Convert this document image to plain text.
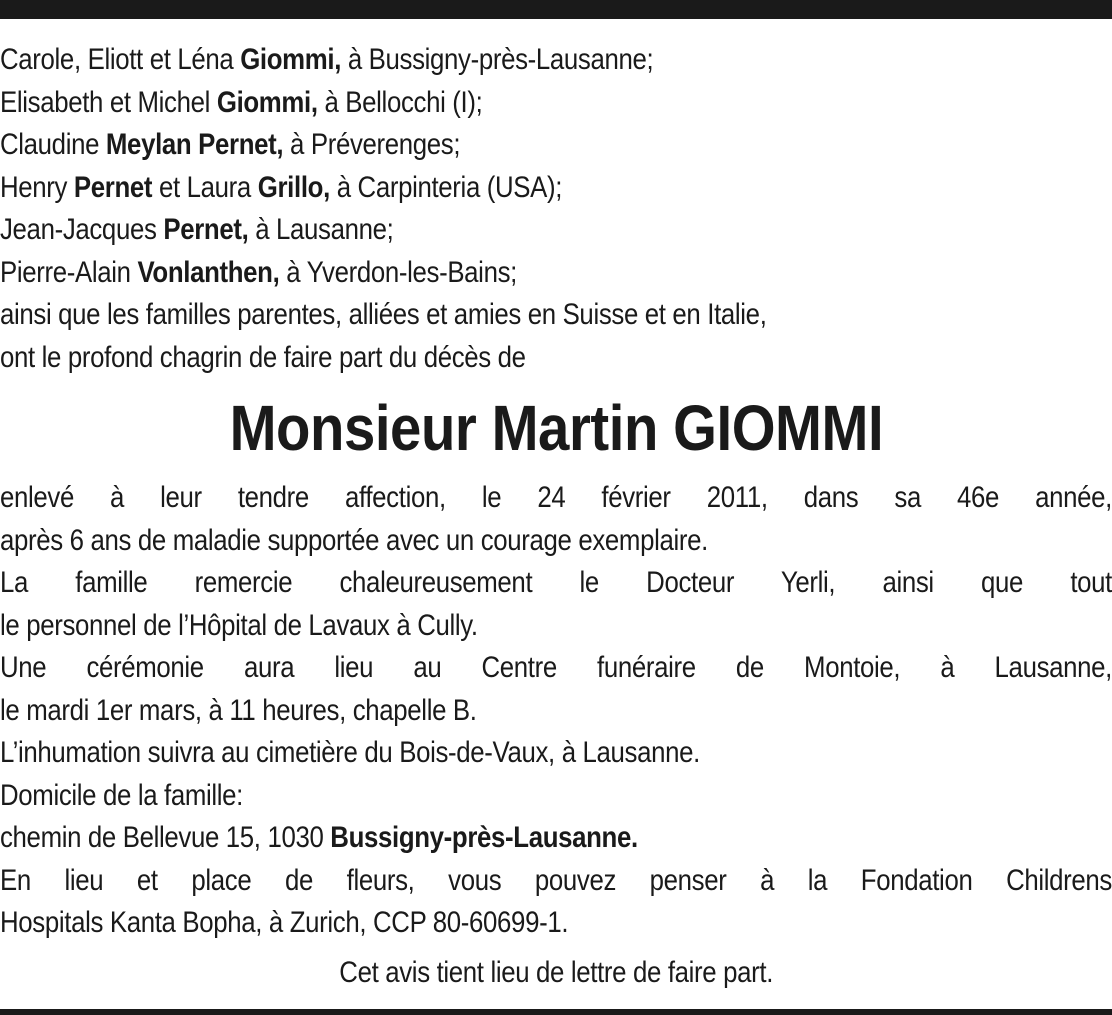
Carole, Eliott et Léna Giommi, à Bussigny-près-Lausanne;
Elisabeth et Michel Giommi, à Bellocchi (I);
Claudine Meylan Pernet, à Préverenges;
Henry Pernet et Laura Grillo, à Carpinteria (USA);
Jean-Jacques Pernet, à Lausanne;
Pierre-Alain Vonlanthen, à Yverdon-les-Bains;
ainsi que les familles parentes, alliées et amies en Suisse et en Italie,
ont le profond chagrin de faire part du décès de
Monsieur Martin GIOMMI
enlevé à leur tendre affection, le 24 février 2011, dans sa 46e année,
après 6 ans de maladie supportée avec un courage exemplaire.
La famille remercie chaleureusement le Docteur Yerli, ainsi que tout
le personnel de l’Hôpital de Lavaux à Cully.
Une cérémonie aura lieu au Centre funéraire de Montoie, à Lausanne,
le mardi 1er mars, à 11 heures, chapelle B.
L’inhumation suivra au cimetière du Bois-de-Vaux, à Lausanne.
Domicile de la famille:
chemin de Bellevue 15, 1030 Bussigny-près-Lausanne.
En lieu et place de fleurs, vous pouvez penser à la Fondation Childrens
Hospitals Kanta Bopha, à Zurich, CCP 80-60699-1.
Cet avis tient lieu de lettre de faire part.
